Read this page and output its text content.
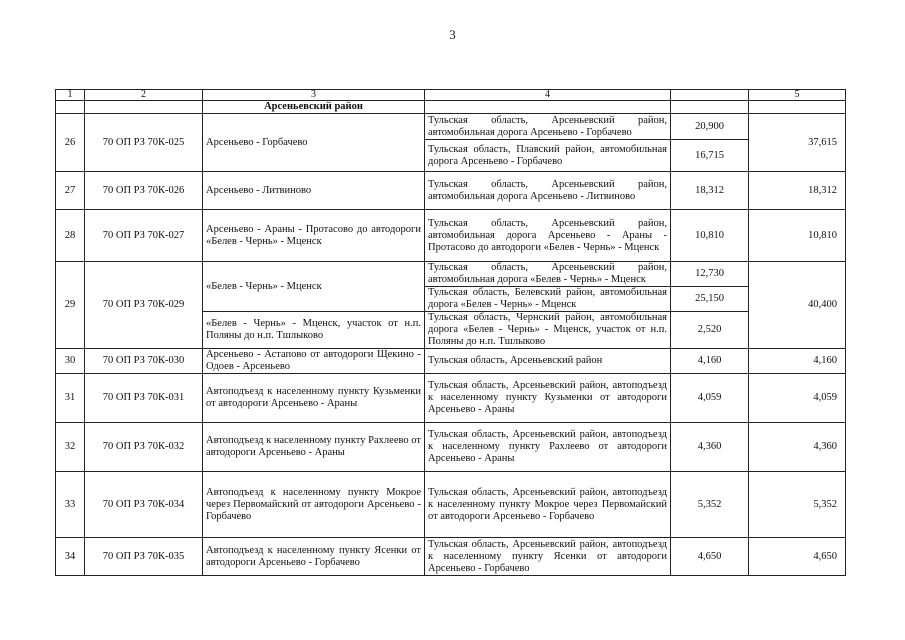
3
1	2	3	4		5
		Арсеньевский район			
26	70 ОП РЗ 70К-025	Арсеньево - Горбачево	Тульская область, Арсеньевский район, автомобильная дорога Арсеньево - Горбачево	20,900	37,615
			Тульская область, Плавский район, автомобильная дорога Арсеньево - Горбачево	16,715	
27	70 ОП РЗ 70К-026	Арсеньево - Литвиново	Тульская область, Арсеньевский район, автомобильная дорога Арсеньево - Литвиново	18,312	18,312
28	70 ОП РЗ 70К-027	Арсеньево - Араны - Протасово до автодороги «Белев - Чернь» - Мценск	Тульская область, Арсеньевский район, автомобильная дорога Арсеньево - Араны - Протасово до автодороги «Белев - Чернь» - Мценск	10,810	10,810
29	70 ОП РЗ 70К-029	«Белев - Чернь» - Мценск	Тульская область, Арсеньевский район, автомобильная дорога «Белев - Чернь» - Мценск	12,730	40,400
			Тульская область, Белевский район, автомобильная дорога «Белев - Чернь» - Мценск	25,150	
		«Белев - Чернь» - Мценск, участок от н.п. Поляны до н.п. Тшлыково	Тульская область, Чернский район, автомобильная дорога «Белев - Чернь» - Мценск, участок от н.п. Поляны до н.п. Тшлыково	2,520	
30	70 ОП РЗ 70К-030	Арсеньево - Астапово от автодороги Щекино - Одоев - Арсеньево	Тульская область, Арсеньевский район	4,160	4,160
31	70 ОП РЗ 70К-031	Автоподъезд к населенному пункту Кузьменки от автодороги Арсеньево - Араны	Тульская область, Арсеньевский район, автоподъезд к населенному пункту Кузьменки от автодороги Арсеньево - Араны	4,059	4,059
32	70 ОП РЗ 70К-032	Автоподъезд к населенному пункту Рахлеево от автодороги Арсеньево - Араны	Тульская область, Арсеньевский район, автоподъезд к населенному пункту Рахлеево от автодороги Арсеньево - Араны	4,360	4,360
33	70 ОП РЗ 70К-034	Автоподъезд к населенному пункту Мокрое через Первомайский от автодороги Арсеньево - Горбачево	Тульская область, Арсеньевский район, автоподъезд к населенному пункту Мокрое через Первомайский от автодороги Арсеньево - Горбачево	5,352	5,352
34	70 ОП РЗ 70К-035	Автоподъезд к населенному пункту Ясенки от автодороги Арсеньево - Горбачево	Тульская область, Арсеньевский район, автоподъезд к населенному пункту Ясенки от автодороги Арсеньево - Горбачево	4,650	4,650
